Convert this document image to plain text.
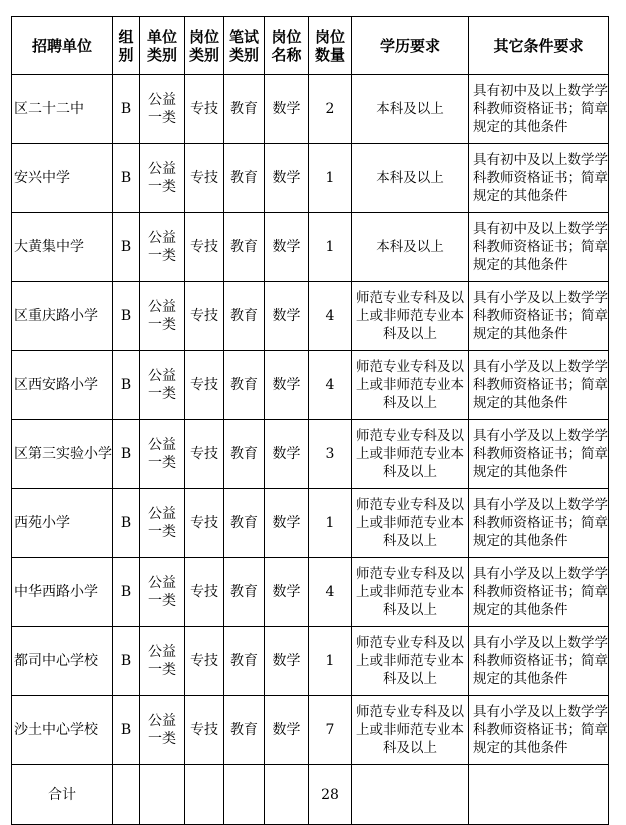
招聘单位	组别	单位类别	岗位类别	笔试类别	岗位名称	岗位数量	学历要求	其它条件要求
区二十二中	B	公益一类	专技	教育	数学	2	本科及以上	具有初中及以上数学学科教师资格证书；简章规定的其他条件
安兴中学	B	公益一类	专技	教育	数学	1	本科及以上	具有初中及以上数学学科教师资格证书；简章规定的其他条件
大黄集中学	B	公益一类	专技	教育	数学	1	本科及以上	具有初中及以上数学学科教师资格证书；简章规定的其他条件
区重庆路小学	B	公益一类	专技	教育	数学	4	师范专业专科及以上或非师范专业本科及以上	具有小学及以上数学学科教师资格证书；简章规定的其他条件
区西安路小学	B	公益一类	专技	教育	数学	4	师范专业专科及以上或非师范专业本科及以上	具有小学及以上数学学科教师资格证书；简章规定的其他条件
区第三实验小学	B	公益一类	专技	教育	数学	3	师范专业专科及以上或非师范专业本科及以上	具有小学及以上数学学科教师资格证书；简章规定的其他条件
西苑小学	B	公益一类	专技	教育	数学	1	师范专业专科及以上或非师范专业本科及以上	具有小学及以上数学学科教师资格证书；简章规定的其他条件
中华西路小学	B	公益一类	专技	教育	数学	4	师范专业专科及以上或非师范专业本科及以上	具有小学及以上数学学科教师资格证书；简章规定的其他条件
都司中心学校	B	公益一类	专技	教育	数学	1	师范专业专科及以上或非师范专业本科及以上	具有小学及以上数学学科教师资格证书；简章规定的其他条件
沙土中心学校	B	公益一类	专技	教育	数学	7	师范专业专科及以上或非师范专业本科及以上	具有小学及以上数学学科教师资格证书；简章规定的其他条件
合计						28		
